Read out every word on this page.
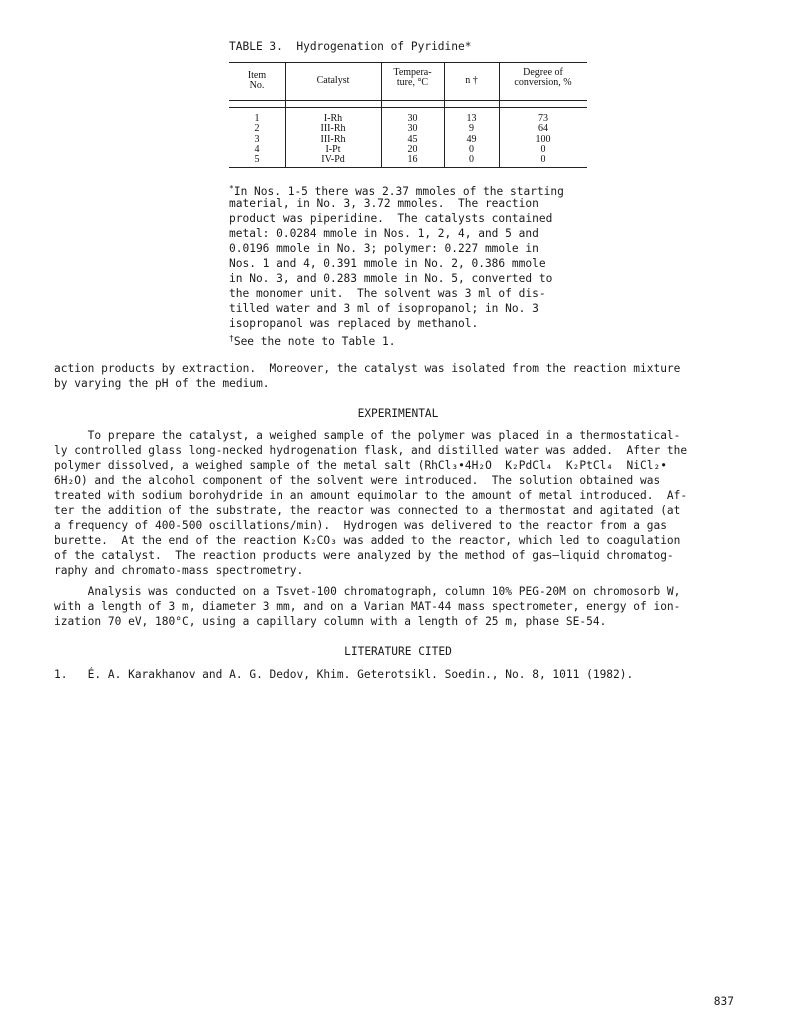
TABLE 3.  Hydrogenation of Pyridine*
Item
No.	Catalyst
Tempera-
ture, °C	n †
Degree of
conversion, %
1
2
3
4
5
I-Rh
III-Rh
III-Rh
I-Pt
IV-Pd
30
30
45
20
16
13
9
49
0
0
73
64
100
0
0
*In Nos. 1-5 there was 2.37 mmoles of the starting
material, in No. 3, 3.72 mmoles.  The reaction
product was piperidine.  The catalysts contained
metal: 0.0284 mmole in Nos. 1, 2, 4, and 5 and
0.0196 mmole in No. 3; polymer: 0.227 mmole in
Nos. 1 and 4, 0.391 mmole in No. 2, 0.386 mmole
in No. 3, and 0.283 mmole in No. 5, converted to
the monomer unit.  The solvent was 3 ml of dis-
tilled water and 3 ml of isopropanol; in No. 3
isopropanol was replaced by methanol.
†See the note to Table 1.
action products by extraction.  Moreover, the catalyst was isolated from the reaction mixture
by varying the pH of the medium.
EXPERIMENTAL
To prepare the catalyst, a weighed sample of the polymer was placed in a thermostatical-
ly controlled glass long-necked hydrogenation flask, and distilled water was added.  After the
polymer dissolved, a weighed sample of the metal salt (RhCl₃•4H₂O  K₂PdCl₄  K₂PtCl₄  NiCl₂•
6H₂O) and the alcohol component of the solvent were introduced.  The solution obtained was
treated with sodium borohydride in an amount equimolar to the amount of metal introduced.  Af-
ter the addition of the substrate, the reactor was connected to a thermostat and agitated (at
a frequency of 400-500 oscillations/min).  Hydrogen was delivered to the reactor from a gas
burette.  At the end of the reaction K₂CO₃ was added to the reactor, which led to coagulation
of the catalyst.  The reaction products were analyzed by the method of gas—liquid chromatog-
raphy and chromato-mass spectrometry.
Analysis was conducted on a Tsvet-100 chromatograph, column 10% PEG-20M on chromosorb W,
with a length of 3 m, diameter 3 mm, and on a Varian MAT-44 mass spectrometer, energy of ion-
ization 70 eV, 180°C, using a capillary column with a length of 25 m, phase SE-54.
LITERATURE CITED
1.   É. A. Karakhanov and A. G. Dedov, Khim. Geterotsikl. Soedin., No. 8, 1011 (1982).
837
